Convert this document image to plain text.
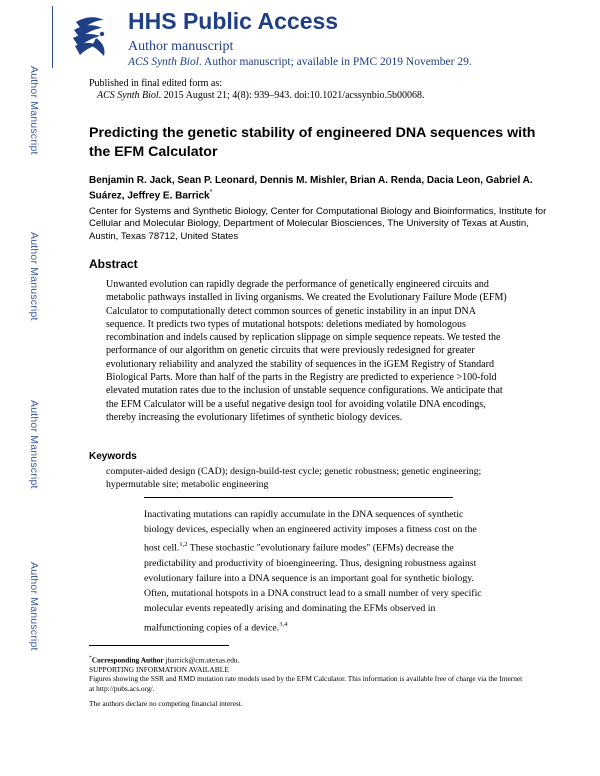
Author Manuscript
Author Manuscript
Author Manuscript
Author Manuscript
HHS Public Access
Author manuscript
ACS Synth Biol. Author manuscript; available in PMC 2019 November 29.
Published in final edited form as:
ACS Synth Biol. 2015 August 21; 4(8): 939–943. doi:10.1021/acssynbio.5b00068.
Predicting the genetic stability of engineered DNA sequences with the EFM Calculator
Benjamin R. Jack, Sean P. Leonard, Dennis M. Mishler, Brian A. Renda, Dacia Leon, Gabriel A. Suárez, Jeffrey E. Barrick*
Center for Systems and Synthetic Biology, Center for Computational Biology and Bioinformatics, Institute for Cellular and Molecular Biology, Department of Molecular Biosciences, The University of Texas at Austin, Austin, Texas 78712, United States
Abstract

Unwanted evolution can rapidly degrade the performance of genetically engineered circuits and metabolic pathways installed in living organisms. We created the Evolutionary Failure Mode (EFM) Calculator to computationally detect common sources of genetic instability in an input DNA sequence. It predicts two types of mutational hotspots: deletions mediated by homologous recombination and indels caused by replication slippage on simple sequence repeats. We tested the performance of our algorithm on genetic circuits that were previously redesigned for greater evolutionary reliability and analyzed the stability of sequences in the iGEM Registry of Standard Biological Parts. More than half of the parts in the Registry are predicted to experience >100-fold elevated mutation rates due to the inclusion of unstable sequence configurations. We anticipate that the EFM Calculator will be a useful negative design tool for avoiding volatile DNA encodings, thereby increasing the evolutionary lifetimes of synthetic biology devices.

Keywords

computer-aided design (CAD); design-build-test cycle; genetic robustness; genetic engineering; hypermutable site; metabolic engineering

Inactivating mutations can rapidly accumulate in the DNA sequences of synthetic biology devices, especially when an engineered activity imposes a fitness cost on the host cell.$^{1,2}$ These stochastic "evolutionary failure modes" (EFMs) decrease the predictability and productivity of bioengineering. Thus, designing robustness against evolutionary failure into a DNA sequence is an important goal for synthetic biology. Often, mutational hotspots in a DNA construct lead to a small number of very specific molecular events repeatedly arising and dominating the EFMs observed in malfunctioning copies of a device.$^{3,4}$

*Corresponding Author jbarrick@cm.utexas.edu.
SUPPORTING INFORMATION AVAILABLE
Figures showing the SSR and RMD mutation rate models used by the EFM Calculator. This information is available free of charge via the Internet at http://pubs.acs.org/.
The authors declare no competing financial interest.
